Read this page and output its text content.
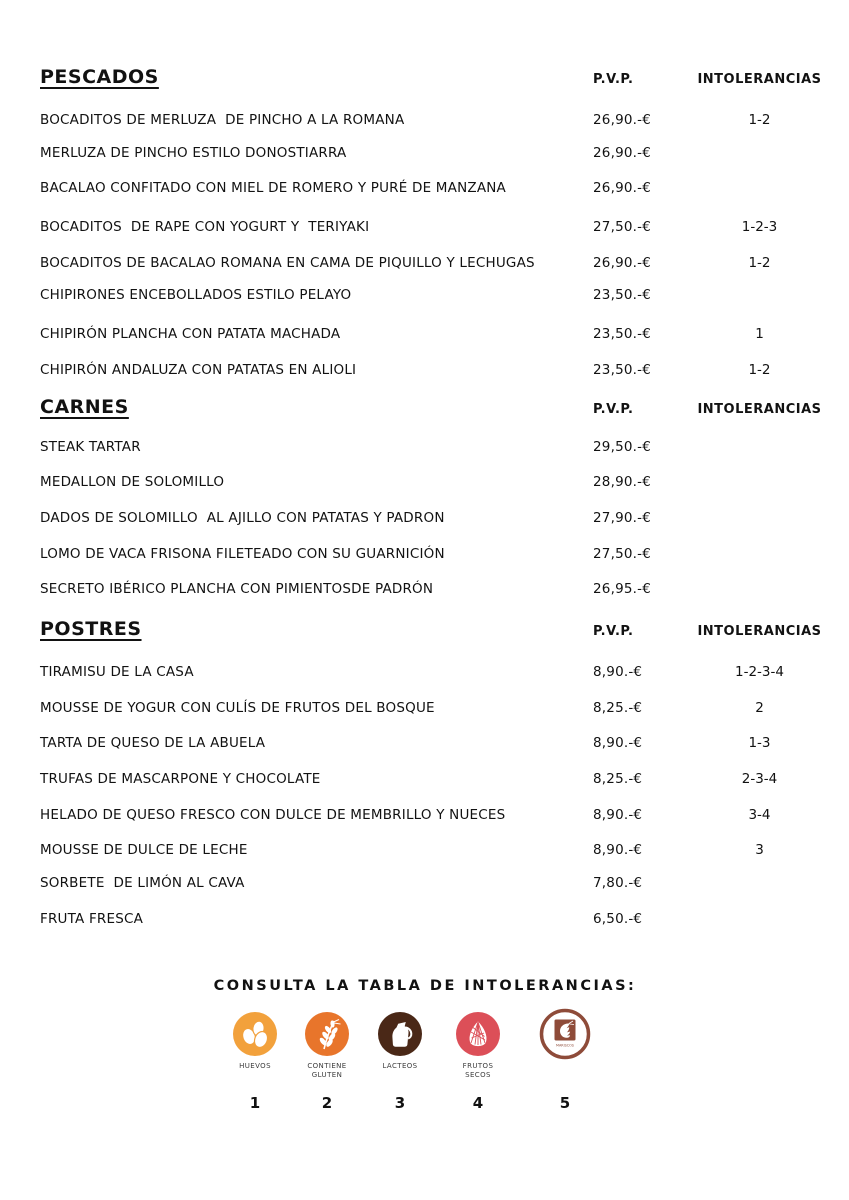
PESCADOS	P.V.P.	INTOLERANCIAS
BOCADITOS DE MERLUZA  DE PINCHO A LA ROMANA	26,90.-€	1-2
MERLUZA DE PINCHO ESTILO DONOSTIARRA	26,90.-€
BACALAO CONFITADO CON MIEL DE ROMERO Y PURÉ DE MANZANA	26,90.-€
BOCADITOS  DE RAPE CON YOGURT Y  TERIYAKI	27,50.-€	1-2-3
BOCADITOS DE BACALAO ROMANA EN CAMA DE PIQUILLO Y LECHUGAS	26,90.-€	1-2
CHIPIRONES ENCEBOLLADOS ESTILO PELAYO	23,50.-€
CHIPIRÓN PLANCHA CON PATATA MACHADA	23,50.-€	1
CHIPIRÓN ANDALUZA CON PATATAS EN ALIOLI	23,50.-€	1-2
CARNES	P.V.P.	INTOLERANCIAS
STEAK TARTAR	29,50.-€
MEDALLON DE SOLOMILLO	28,90.-€
DADOS DE SOLOMILLO  AL AJILLO CON PATATAS Y PADRON	27,90.-€
LOMO DE VACA FRISONA FILETEADO CON SU GUARNICIÓN	27,50.-€
SECRETO IBÉRICO PLANCHA CON PIMIENTOSDE PADRÓN	26,95.-€
POSTRES	P.V.P.	INTOLERANCIAS
TIRAMISU DE LA CASA	8,90.-€	1-2-3-4
MOUSSE DE YOGUR CON CULÍS DE FRUTOS DEL BOSQUE	8,25.-€	2
TARTA DE QUESO DE LA ABUELA	8,90.-€	1-3
TRUFAS DE MASCARPONE Y CHOCOLATE	8,25.-€	2-3-4
HELADO DE QUESO FRESCO CON DULCE DE MEMBRILLO Y NUECES	8,90.-€	3-4
MOUSSE DE DULCE DE LECHE	8,90.-€	3
SORBETE  DE LIMÓN AL CAVA	7,80.-€
FRUTA FRESCA	6,50.-€
CONSULTA LA TABLA DE INTOLERANCIAS:
HUEVOS
1
CONTIENE
GLUTEN
2
LACTEOS
3
FRUTOS
SECOS
4
MARISCOS
5
